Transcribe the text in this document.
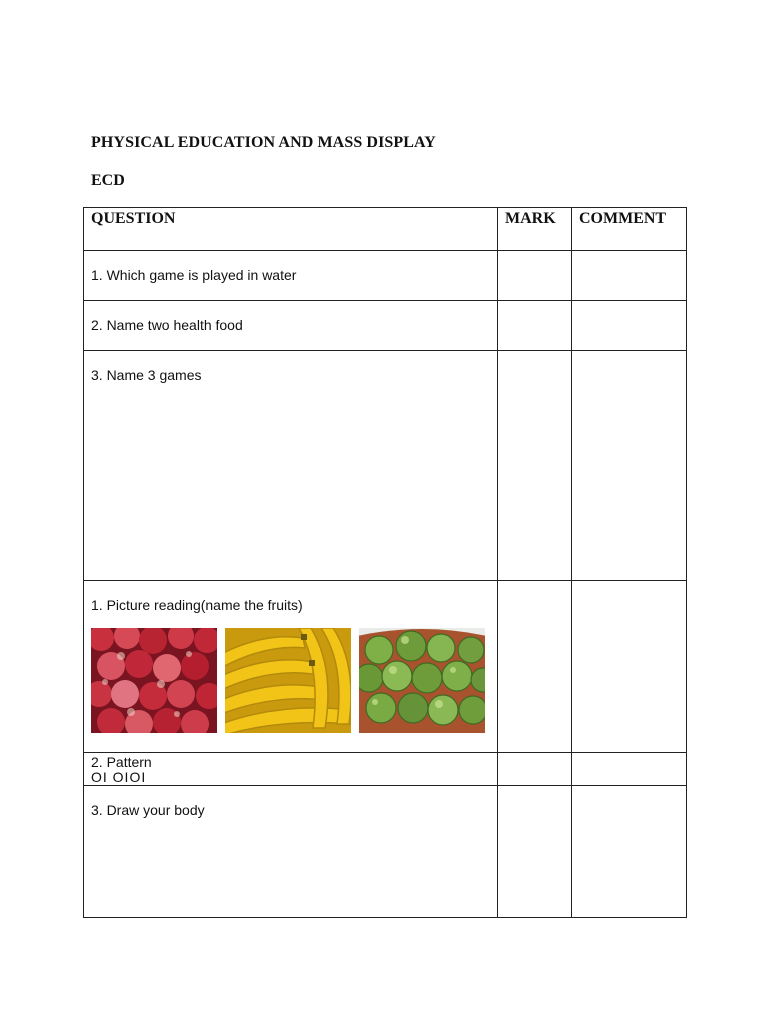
PHYSICAL EDUCATION AND MASS DISPLAY
ECD
QUESTION	MARK	COMMENT

1. Which game is played in water		

2. Name two health food		

3. Name 3 games		

1. Picture reading(name the fruits)		

2. Pattern
OI OIOI		

3. Draw your body		
